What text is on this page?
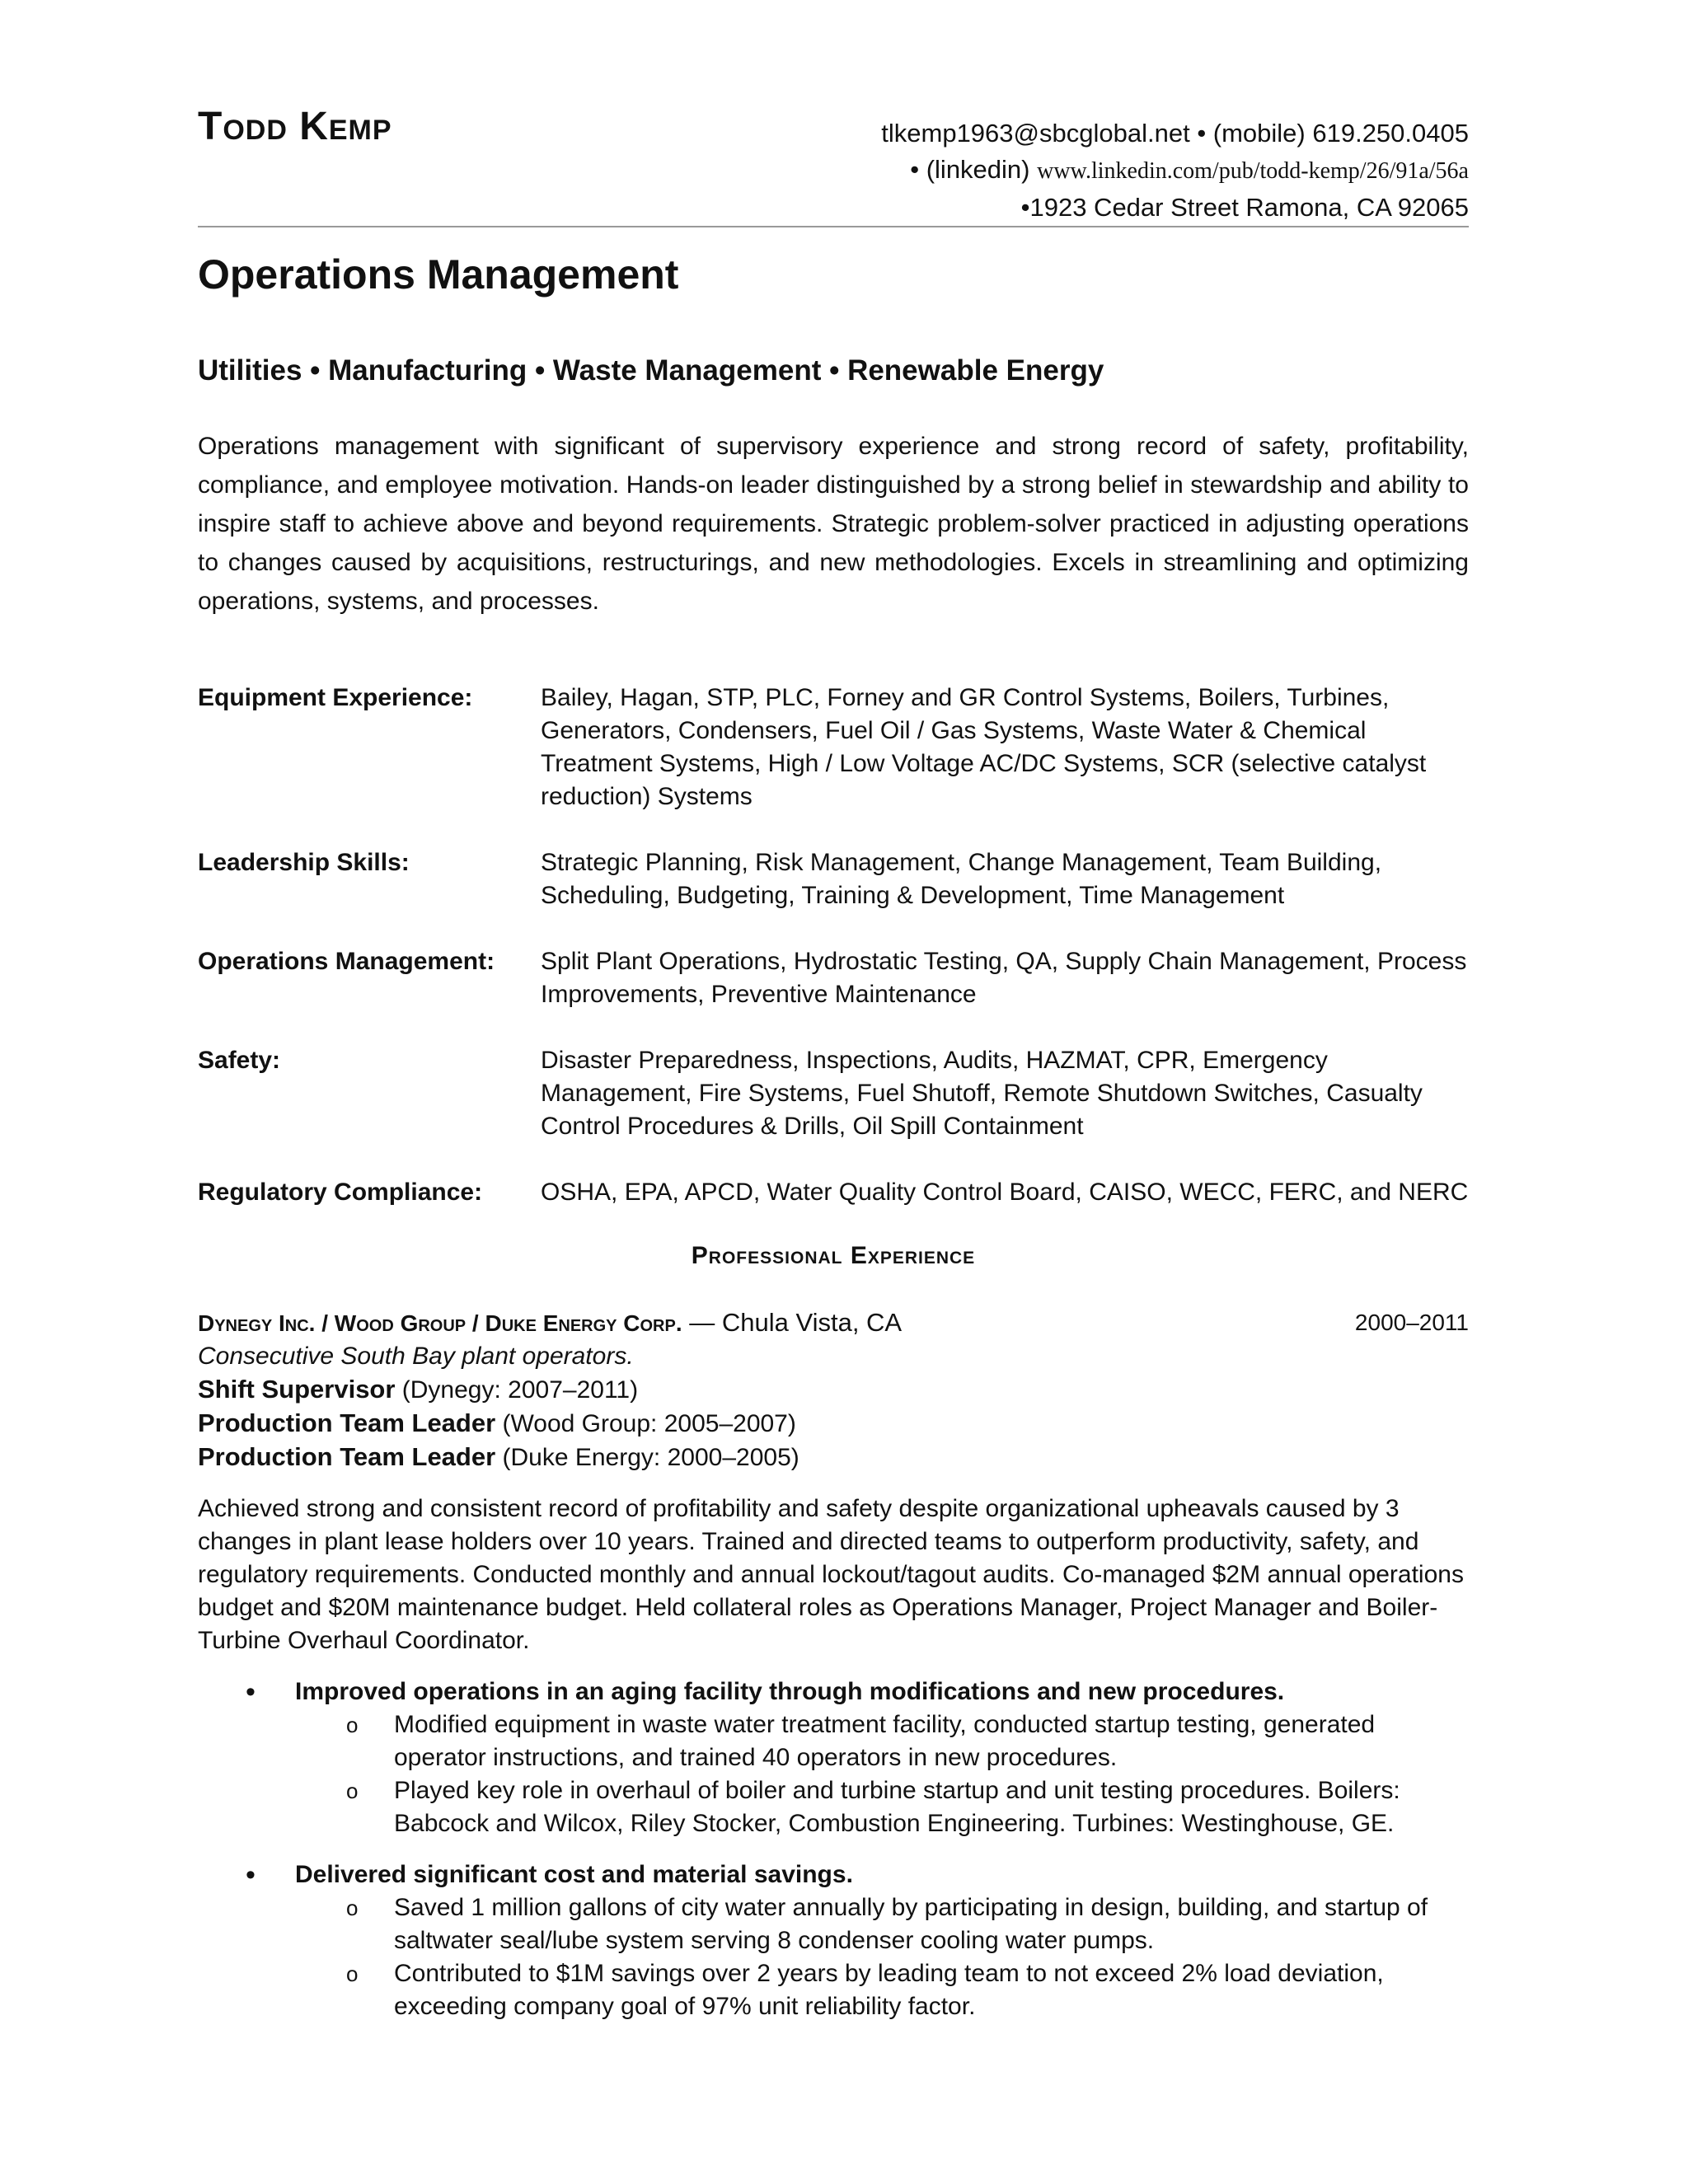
Todd Kemp	tlkemp1963@sbcglobal.net • (mobile) 619.250.0405
• (linkedin) www.linkedin.com/pub/todd-kemp/26/91a/56a
•1923 Cedar Street Ramona, CA 92065
Operations Management
Utilities • Manufacturing • Waste Management • Renewable Energy
Operations management with significant of supervisory experience and strong record of safety, profitability, compliance, and employee motivation. Hands-on leader distinguished by a strong belief in stewardship and ability to inspire staff to achieve above and beyond requirements. Strategic problem-solver practiced in adjusting operations to changes caused by acquisitions, restructurings, and new methodologies. Excels in streamlining and optimizing operations, systems, and processes.
Equipment Experience:	Bailey, Hagan, STP, PLC, Forney and GR Control Systems, Boilers, Turbines, Generators, Condensers, Fuel Oil / Gas Systems, Waste Water & Chemical Treatment Systems, High / Low Voltage AC/DC Systems, SCR (selective catalyst reduction) Systems
Leadership Skills:	Strategic Planning, Risk Management, Change Management, Team Building, Scheduling, Budgeting, Training & Development, Time Management
Operations Management:	Split Plant Operations, Hydrostatic Testing, QA, Supply Chain Management, Process Improvements, Preventive Maintenance
Safety:	Disaster Preparedness, Inspections, Audits, HAZMAT, CPR, Emergency Management, Fire Systems, Fuel Shutoff, Remote Shutdown Switches, Casualty Control Procedures & Drills, Oil Spill Containment
Regulatory Compliance:	OSHA, EPA, APCD, Water Quality Control Board, CAISO, WECC, FERC, and NERC
Professional Experience
Dynegy Inc. / Wood Group / Duke Energy Corp. — Chula Vista, CA	2000–2011
Consecutive South Bay plant operators.
Shift Supervisor (Dynegy: 2007–2011)
Production Team Leader (Wood Group: 2005–2007)
Production Team Leader (Duke Energy: 2000–2005)
Achieved strong and consistent record of profitability and safety despite organizational upheavals caused by 3 changes in plant lease holders over 10 years. Trained and directed teams to outperform productivity, safety, and regulatory requirements. Conducted monthly and annual lockout/tagout audits. Co-managed $2M annual operations budget and $20M maintenance budget. Held collateral roles as Operations Manager, Project Manager and Boiler-Turbine Overhaul Coordinator.
• Improved operations in an aging facility through modifications and new procedures.
o Modified equipment in waste water treatment facility, conducted startup testing, generated operator instructions, and trained 40 operators in new procedures.
o Played key role in overhaul of boiler and turbine startup and unit testing procedures. Boilers: Babcock and Wilcox, Riley Stocker, Combustion Engineering. Turbines: Westinghouse, GE.
• Delivered significant cost and material savings.
o Saved 1 million gallons of city water annually by participating in design, building, and startup of saltwater seal/lube system serving 8 condenser cooling water pumps.
o Contributed to $1M savings over 2 years by leading team to not exceed 2% load deviation, exceeding company goal of 97% unit reliability factor.
